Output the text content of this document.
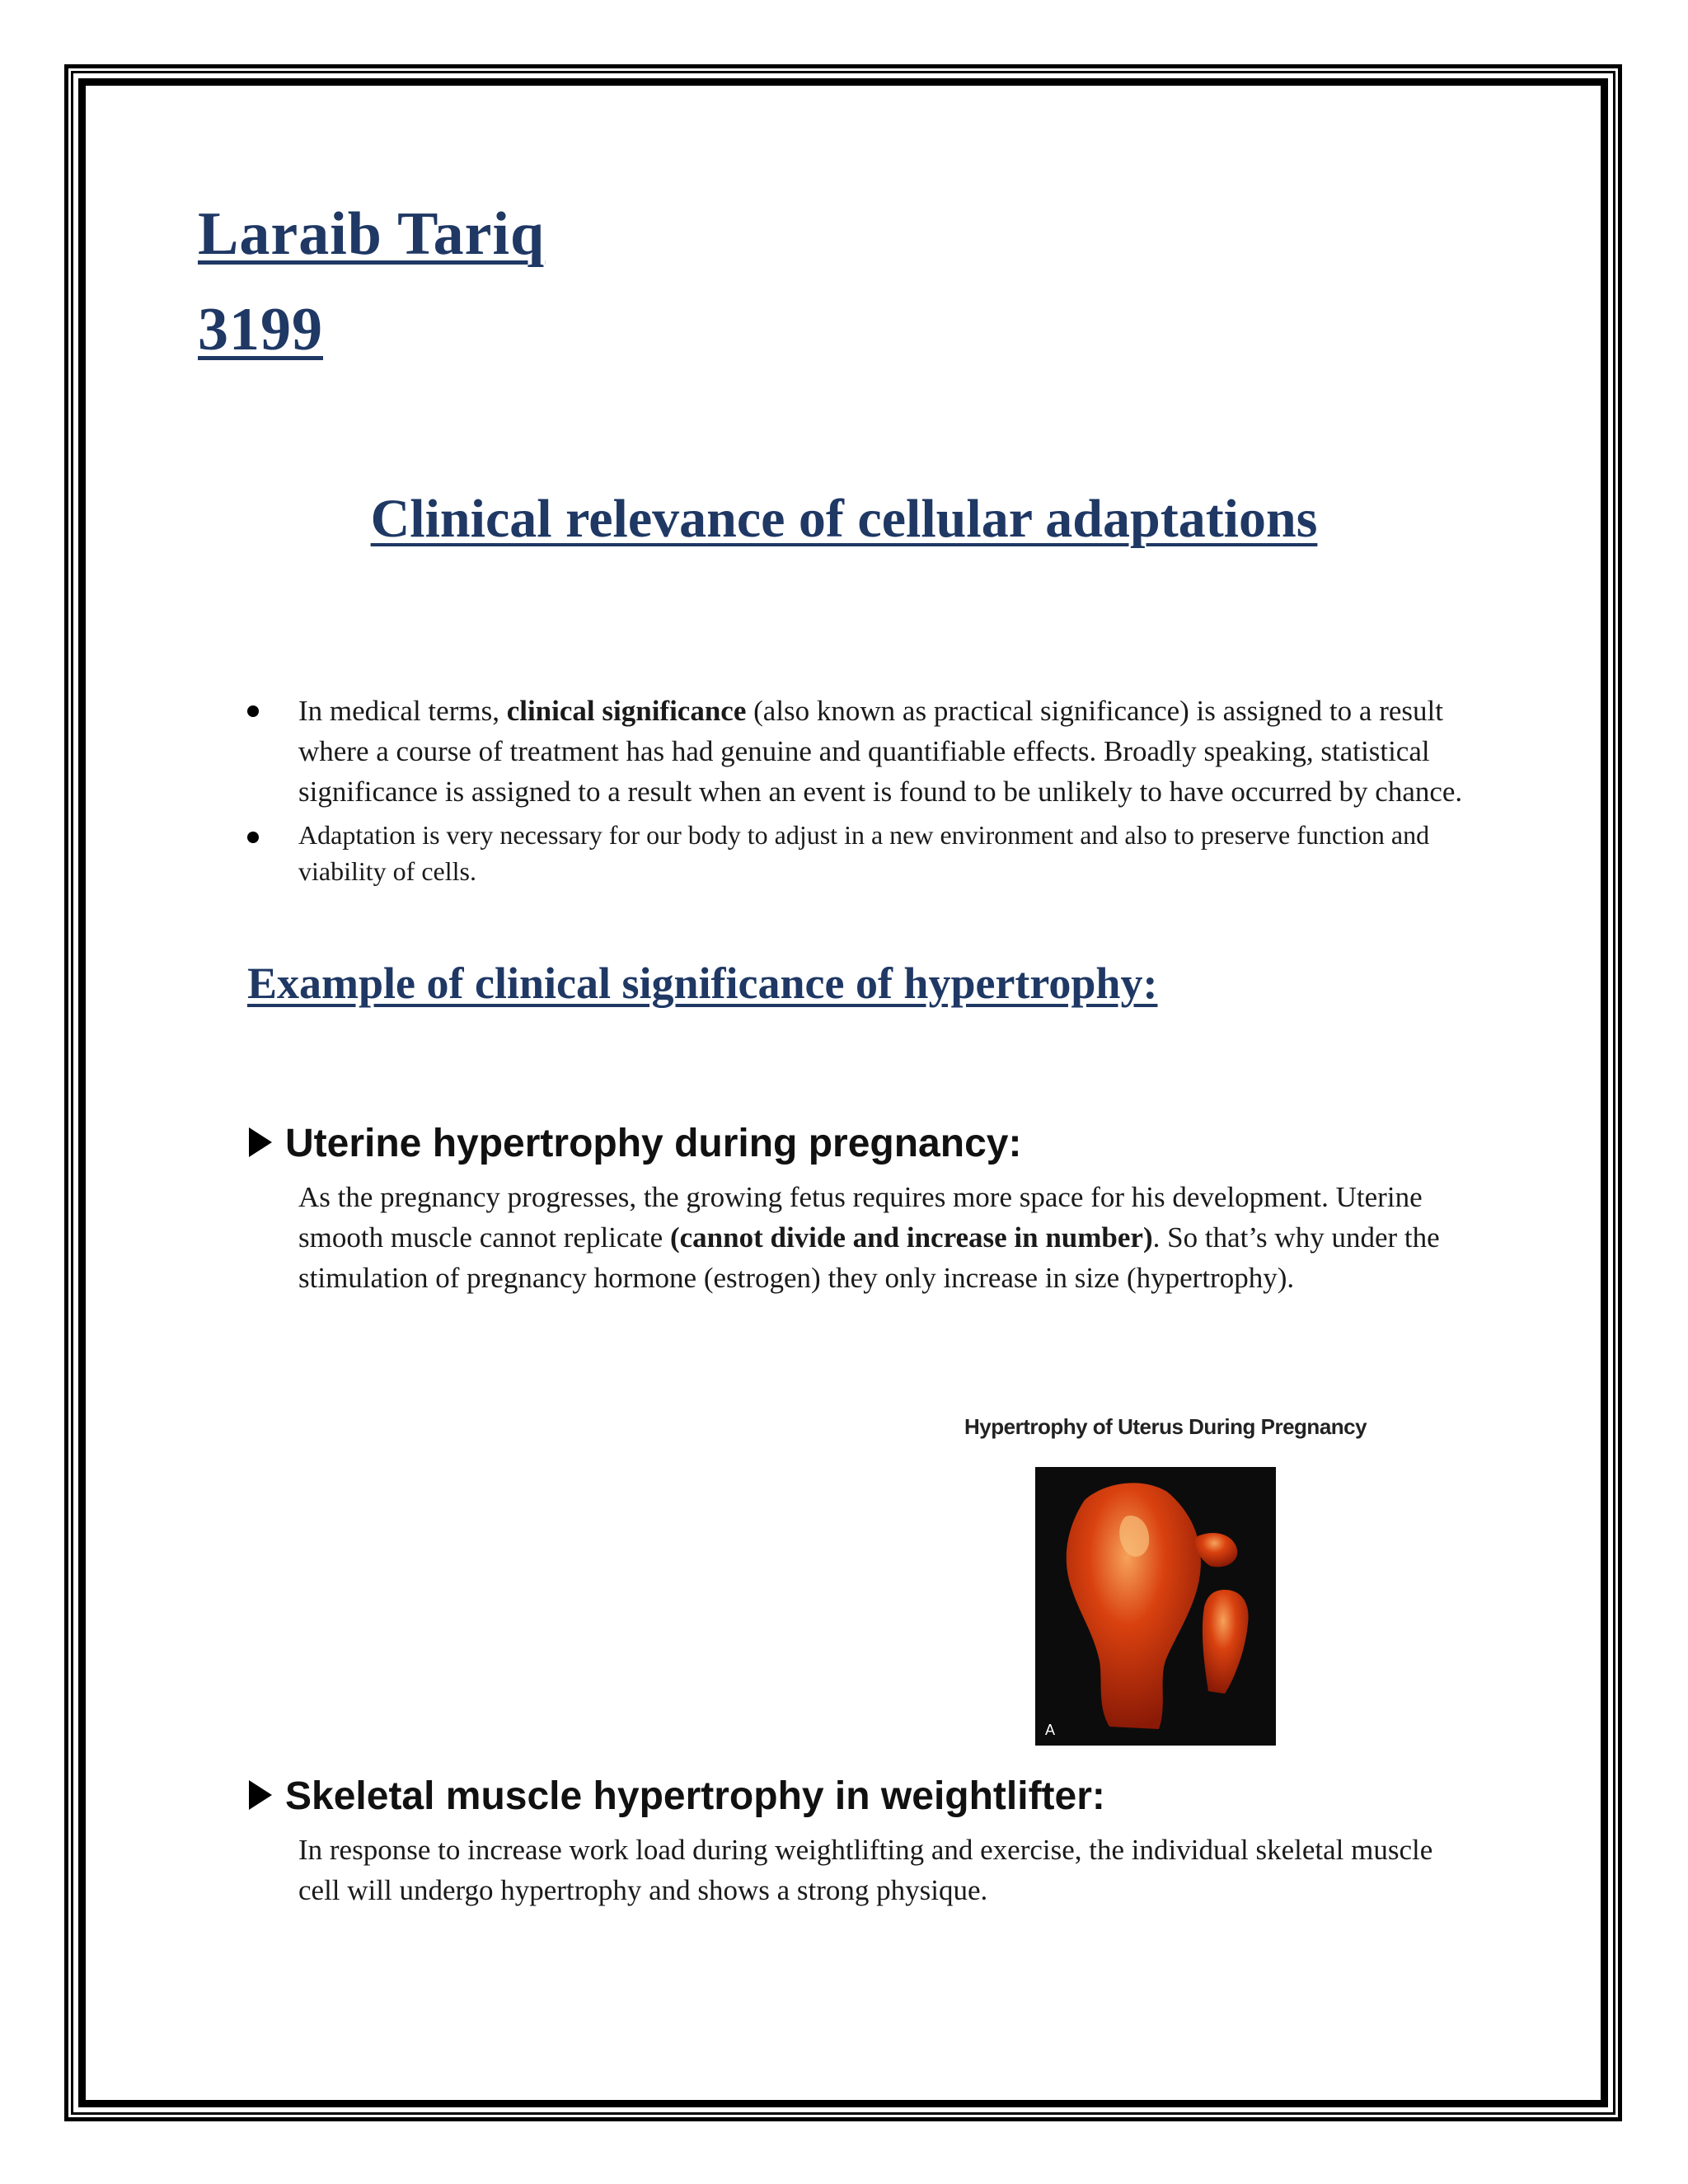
Laraib Tariq
3199
Clinical relevance of cellular adaptations
In medical terms, clinical significance (also known as practical significance) is assigned to a result where a course of treatment has had genuine and quantifiable effects. Broadly speaking, statistical significance is assigned to a result when an event is found to be unlikely to have occurred by chance.
Adaptation is very necessary for our body to adjust in a new environment and also to preserve function and viability of cells.
Example of clinical significance of hypertrophy:
Uterine hypertrophy during pregnancy:
As the pregnancy progresses, the growing fetus requires more space for his development. Uterine smooth muscle cannot replicate (cannot divide and increase in number). So that’s why under the stimulation of pregnancy hormone (estrogen) they only increase in size (hypertrophy).
Hypertrophy of Uterus During Pregnancy
A
Skeletal muscle hypertrophy in weightlifter:
In response to increase work load during weightlifting and exercise, the individual skeletal muscle cell will undergo hypertrophy and shows a strong physique.
